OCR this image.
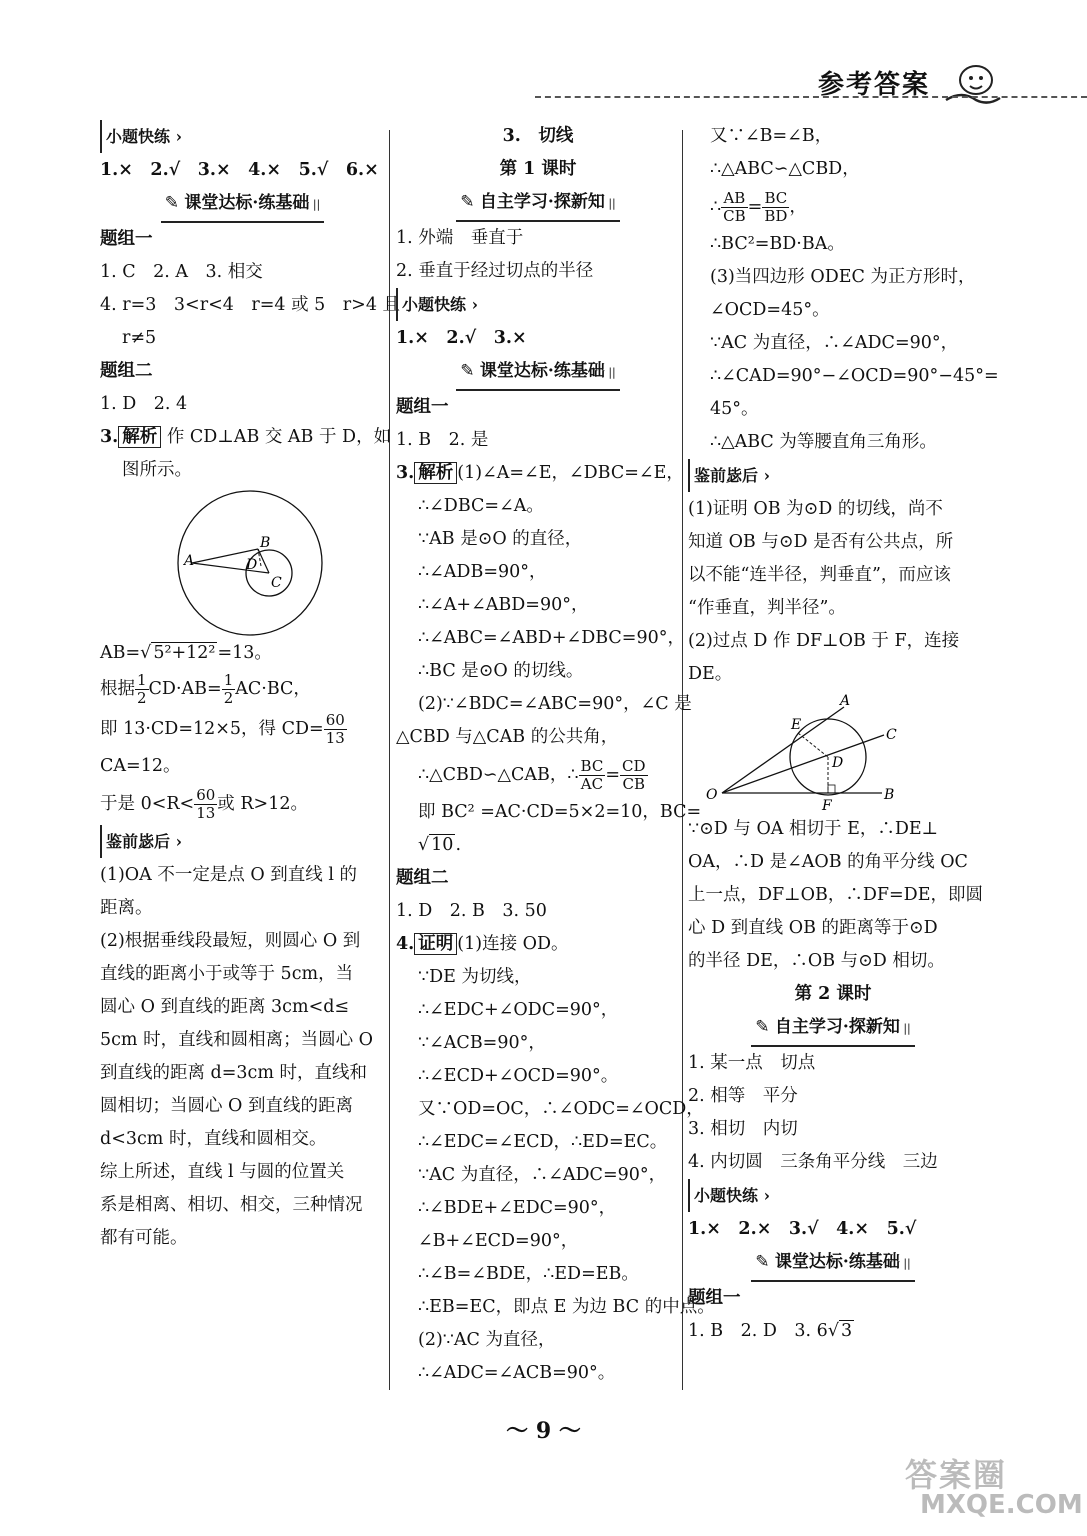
参考答案
小题快练 ›
1.×　2.√　3.×　4.×　5.√　6.×
✎ 课堂达标·练基础 ||
题组一
1. C　2. A　3. 相交
4. r=3　3<r<4　r=4 或 5　r>4 且
r≠5
题组二
1. D　2. 4
3. 解析 作 CD⊥AB 交 AB 于 D，如
图所示。
A
B
D
C
AB=√ 5²+12² =13。
根据 $\frac{1}{2} CD\cdot AB= \frac{1}{2} AC\cdot BC$，
即 13·CD=12×5，得 $CD= \frac{60}{13}$
CA=12。
于是 $0<R< \frac{60}{13}$ 或 R>12。
鉴前毖后 ›
(1)OA 不一定是点 O 到直线 l 的
距离。
(2)根据垂线段最短，则圆心 O 到
直线的距离小于或等于 5cm，当
圆心 O 到直线的距离 3cm<d≤
5cm 时，直线和圆相离；当圆心 O
到直线的距离 d=3cm 时，直线和
圆相切；当圆心 O 到直线的距离
d<3cm 时，直线和圆相交。
综上所述，直线 l 与圆的位置关
系是相离、相切、相交，三种情况
都有可能。
3.　切线
第 1 课时
✎ 自主学习·探新知 ||
1. 外端　垂直于
2. 垂直于经过切点的半径
小题快练 ›
1.×　2.√　3.×
✎ 课堂达标·练基础 ||
题组一
1. B　2. 是
3. 解析 (1)∠A=∠E，∠DBC=∠E，
∴∠DBC=∠A。
∵AB 是⊙O 的直径，
∴∠ADB=90°，
∴∠A+∠ABD=90°，
∴∠ABC=∠ABD+∠DBC=90°，
∴BC 是⊙O 的切线。
(2)∵∠BDC=∠ABC=90°，∠C 是
△CBD 与△CAB 的公共角，
∴△CBD∽△CAB，∴ $\frac{BC}{AC} = \frac{CD}{CB}$
即 BC² =AC·CD=5×2=10，BC=
√ 10 .
题组二
1. D　2. B　3. 50
4. 证明 (1)连接 OD。
∵DE 为切线，
∴∠EDC+∠ODC=90°，
∵∠ACB=90°，
∴∠ECD+∠OCD=90°。
又∵OD=OC，∴∠ODC=∠OCD，
∴∠EDC=∠ECD，∴ED=EC。
∵AC 为直径，∴∠ADC=90°，
∴∠BDE+∠EDC=90°，
∠B+∠ECD=90°，
∴∠B=∠BDE，∴ED=EB。
∴EB=EC，即点 E 为边 BC 的中点。
(2)∵AC 为直径，
∴∠ADC=∠ACB=90°。
又∵∠B=∠B，
∴△ABC∽△CBD，
∴ $\frac{AB}{CB} = \frac{BC}{BD}$ ，
∴BC²=BD·BA。
(3)当四边形 ODEC 为正方形时，
∠OCD=45°。
∵AC 为直径，∴∠ADC=90°，
∴∠CAD=90°−∠OCD=90°−45°=
45°。
∴△ABC 为等腰直角三角形。
鉴前毖后 ›
(1)证明 OB 为⊙D 的切线，尚不
知道 OB 与⊙D 是否有公共点，所
以不能“连半径，判垂直”，而应该
“作垂直，判半径”。
(2)过点 D 作 DF⊥OB 于 F，连接
DE。
A
E
C
D
O
F
B
∵⊙D 与 OA 相切于 E，∴DE⊥
OA，∴D 是∠AOB 的角平分线 OC
上一点，DF⊥OB，∴DF=DE，即圆
心 D 到直线 OB 的距离等于⊙D
的半径 DE，∴OB 与⊙D 相切。
第 2 课时
✎ 自主学习·探新知 ||
1. 某一点　切点
2. 相等　平分
3. 相切　内切
4. 内切圆　三条角平分线　三边
小题快练 ›
1.×　2.×　3.√　4.×　5.√
✎ 课堂达标·练基础 ||
题组一
1. B　2. D　3. 6√ 3
〜 9 〜
答案圈
MXQE.COM
